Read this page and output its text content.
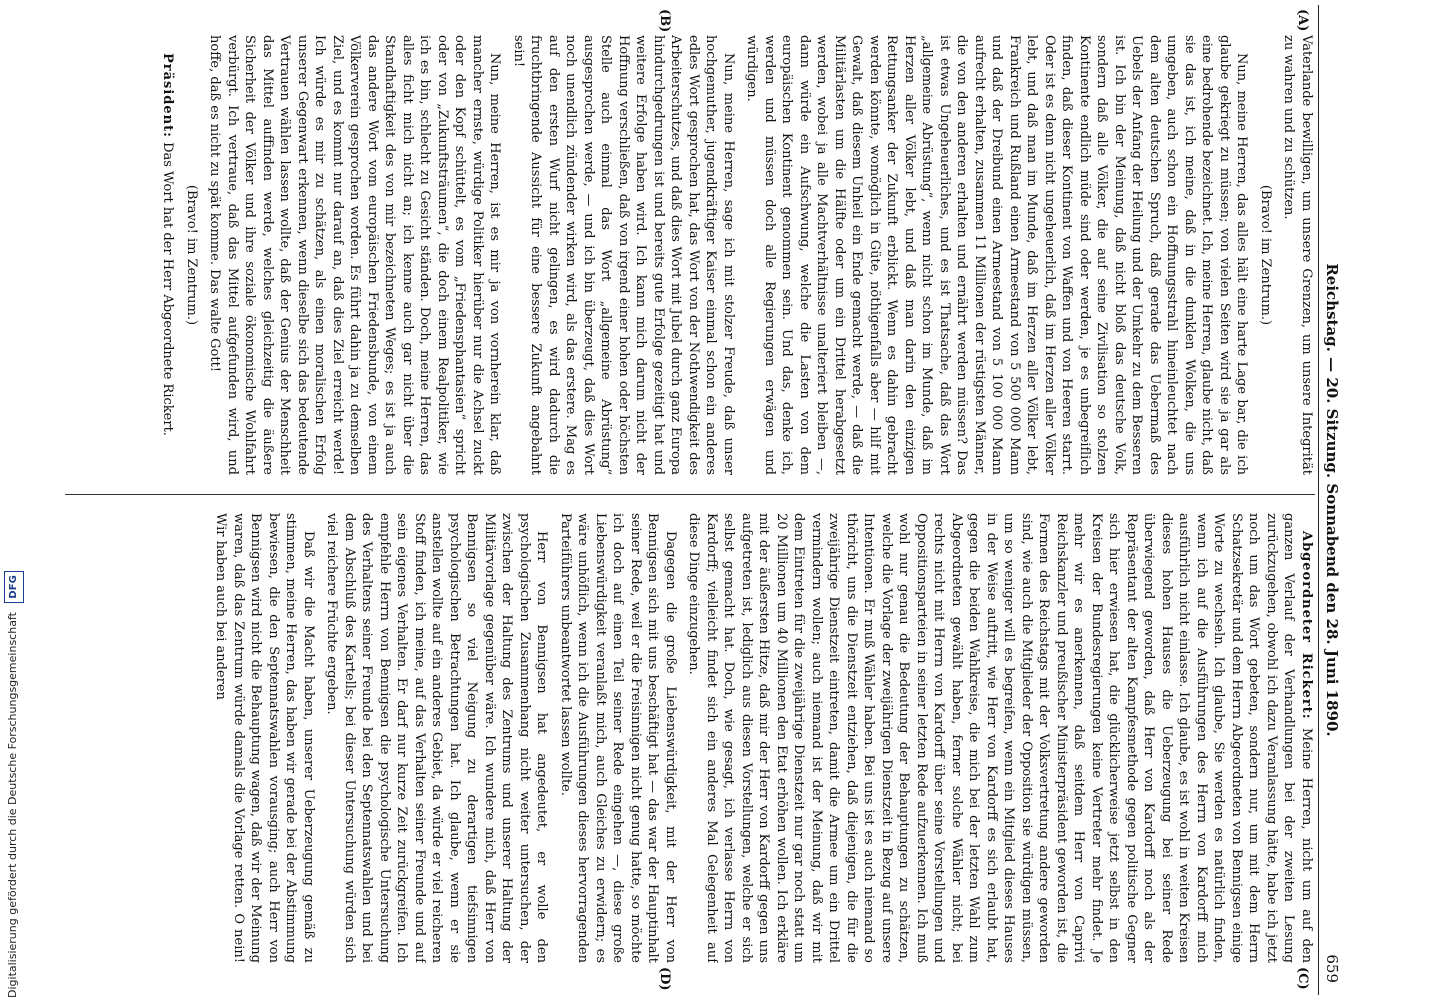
Reichstag. — 20. Sitzung. Sonnabend den 28. Juni 1890.
659
(A)
(B)
(C)
(D)

Vaterlande bewilligen, um unsere Grenzen, um unsere Integrität zu wahren und zu schützen.

(Bravo! im Zentrum.)

Nun, meine Herren, das alles hält eine harte Lage bar, die ich glaube gekriegt zu müssen; von vielen Seiten wird sie ja gar als eine bedrohende bezeichnet. Ich, meine Herren, glaube nicht, daß sie das ist, ich meine, daß in die dunklen Wolken, die uns umgeben, auch schon ein Hoffnungsstrahl hineinleuchtet nach dem alten deutschen Spruch, daß gerade das Uebermaß des Uebels der Anfang der Heilung und der Umkehr zu dem Besseren ist. Ich bin der Meinung, daß nicht bloß das deutsche Volk, sondern daß alle Völker, die auf seine Zivilisation so stolzen Kontinente endlich müde sind oder werden, je es unbegreiflich finden, daß dieser Kontinent von Waffen und von Heeren starrt. Oder ist es denn nicht ungeheuerlich, daß im Herzen aller Völker lebt, und daß man im Munde, daß im Herzen aller Völker lebt, Frankreich und Rußland einen Armeestand von 5 500 000 Mann und daß der Dreibund einen Armeestand von 5 100 000 Mann aufrecht erhalten, zusammen 11 Millionen der rüstigsten Männer, die von den anderen erhalten und ernährt werden müssen? Das ist etwas Ungeheuerliches, und es ist Thatsache, daß das Wort „allgemeine Abrüstung“, wenn nicht schon im Munde, daß im Herzen aller Völker lebt, und daß man darin den einzigen Rettungsanker der Zukunft erblickt. Wenn es dahin gebracht werden könnte, womöglich in Güte, nöthigenfalls aber — hilf mit Gewalt, daß diesem Unheil ein Ende gemacht werde, — daß die Militärlasten um die Hälfte oder um ein Drittel herabgesetzt werden, wobei ja alle Machtverhältnisse unalteriert bleiben —, dann würde ein Aufschwung, welche die Lasten von dem europäischen Kontinent genommen sein. Und das, denke ich, werden und müssen doch alle Regierungen erwägen und würdigen.

Nun, meine Herren, sage ich mit stolzer Freude, daß unser hochgemuther, jugendkräftiger Kaiser einmal schon ein anderes edles Wort gesprochen hat, das Wort von der Nothwendigkeit des Arbeiterschutzes, und daß dies Wort mit Jubel durch ganz Europa hindurchgedrungen ist und bereits gute Erfolge gezeitigt hat und weitere Erfolge haben wird. Ich kann mich darum nicht der Hoffnung verschließen, daß von irgend einer hohen oder höchsten Stelle auch einmal das Wort „allgemeine Abrüstung“ ausgesprochen werde, — und ich bin überzeugt, daß dies Wort noch unendlich zündender wirken wird, als das erstere. Mag es auf den ersten Wurf nicht gelingen, es wird dadurch die fruchtbringende Aussicht für eine bessere Zukunft angebahnt sein!

Nun, meine Herren, ist es mir ja von vornherein klar, daß mancher ernste, würdige Politiker hierüber nur die Achsel zuckt oder den Kopf schüttelt, es vom „Friedensphantasien“ spricht oder von „Zukunftsträumen“, die doch einem Realpolitiker, wie ich es bin, schlecht zu Gesicht ständen. Doch, meine Herren, das alles ficht mich nicht an; ich kenne auch gar nicht über die Standhaftigkeit des von mir bezeichneten Weges; es ist ja auch das andere Wort vom europäischen Friedensbunde, von einem Völkerverein gesprochen worden. Es führt dahin ja zu demselben Ziel, und es kommt nur darauf an, daß dies Ziel erreicht werde! Ich würde es mir zu schätzen, als einen moralischen Erfolg unserer Gegenwart erkennen, wenn dieselbe sich das bedeutende Vertrauen wählen lassen wollte, daß der Genius der Menschheit das Mittel auffinden werde, welches gleichzeitig die äußere Sicherheit der Völker und ihre soziale ökonomische Wohlfahrt verbürgt. Ich vertraue, daß das Mittel aufgefunden wird, und hoffe, daß es nicht zu spät komme. Das walte Gott!

(Bravo! im Zentrum.)

Präsident: Das Wort hat der Herr Abgeordnete Rickert.

Abgeordneter Rickert: Meine Herren, nicht um auf den ganzen Verlauf der Verhandlungen bei der zweiten Lesung zurückzugehen, obwohl ich dazu Veranlassung hätte, habe ich jetzt noch um das Wort gebeten, sondern nur, um mit dem Herrn Schatzsekretär und dem Herrn Abgeordneten von Bennigsen einige Worte zu wechseln. Ich glaube, Sie werden es natürlich finden, wenn ich auf die Ausführungen des Herrn von Kardorff mich ausführlich nicht einlasse. Ich glaube, es ist wohl in weiten Kreisen dieses hohen Hauses die Ueberzeugung bei seiner Rede überwiegend geworden, daß Herr von Kardorff noch als der Repräsentant der alten Kampfesmethode gegen politische Gegner sich hier erwiesen hat, die glücklicherweise jetzt selbst in den Kreisen der Bundesregierungen keine Vertreter mehr findet. Je mehr wir es anerkennen, daß seitdem Herr von Caprivi Reichskanzler und preußischer Ministerpräsident geworden ist, die Formen des Reichstags mit der Volksvertretung andere geworden sind, wie auch die Mitglieder der Opposition sie würdigen müssen, um so weniger will es begreifen, wenn ein Mitglied dieses Hauses in der Weise auftritt, wie Herr von Kardorff es sich erlaubt hat, gegen die beiden Wahlkreise, die mich bei der letzten Wahl zum Abgeordneten gewählt haben, ferner solche Wähler nicht; bei rechts nicht mit Herrn von Kardorff über seine Vorstellungen und Oppositionsparteien in seiner letzten Rede aufzuerkennen. Ich muß wohl nur genau die Bedeutung der Behauptungen zu schätzen, welche die Vorlage der zweijährigen Dienstzeit in Bezug auf unsere Intentionen. Er muß Wähler haben. Bei uns ist es auch niemand so thöricht, uns die Dienstzeit entziehen, daß diejenigen, die für die zweijährige Dienstzeit eintreten, damit die Armee um ein Drittel vermindern wollen; auch niemand ist der Meinung, daß wir mit dem Eintreten für die zweijährige Dienstzeit nur gar noch statt um 20 Millionen um 40 Millionen den Etat erhöhen wollen. Ich erkläre mit der äußersten Hitze, daß mir der Herr von Kardorff gegen uns aufgetreten ist, lediglich aus diesen Vorstellungen, welche er sich selbst gemacht hat. Doch, wie gesagt, ich verlasse Herrn von Kardorff; vielleicht findet sich ein anderes Mal Gelegenheit auf diese Dinge einzugehen.

Dagegen die große Liebenswürdigkeit, mit der Herr von Bennigsen sich mit uns beschäftigt hat — das war der Hauptinhalt seiner Rede, weil er die Freisinnigen nicht genug hatte, so möchte ich doch auf einen Teil seiner Rede eingehen —, diese große Liebenswürdigkeit veranlaßt mich, auch Gleiches zu erwidern; es wäre unhöflich, wenn ich die Ausführungen dieses hervorragenden Parteiführers unbeantwortet lassen wollte.

Herr von Bennigsen hat angedeutet, er wolle den psychologischen Zusammenhang nicht weiter untersuchen, der zwischen der Haltung des Zentrums und unserer Haltung der Militärvorlage gegenüber wäre. Ich wundere mich, daß Herr von Bennigsen so viel Neigung zu derartigen tiefsinnigen psychologischen Betrachtungen hat. Ich glaube, wenn er sie anstellen wollte auf ein anderes Gebiet, da würde er viel reicheren Stoff finden, ich meine, auf das Verhalten seiner Freunde und auf sein eigenes Verhalten. Er darf nur kurze Zeit zurückgreifen. Ich empfehle Herrn von Bennigsen die psychologische Untersuchung des Verhaltens seiner Freunde bei den Septennatswahlen und bei dem Abschluß des Kartells; bei dieser Untersuchung würden sich viel reichere Früchte ergeben.

Daß wir die Macht haben, unserer Ueberzeugung gemäß zu stimmen, meine Herren, das haben wir gerade bei der Abstimmung bewiesen, die den Septennatswahlen vorausging; auch Herr von Bennigsen wird nicht die Behauptung wagen, daß wir der Meinung waren, daß das Zentrum würde damals die Vorlage retten. O nein! Wir haben auch bei anderen

Digitalisierung gefördert durch die Deutsche Forschungsgemeinschaft DFG
